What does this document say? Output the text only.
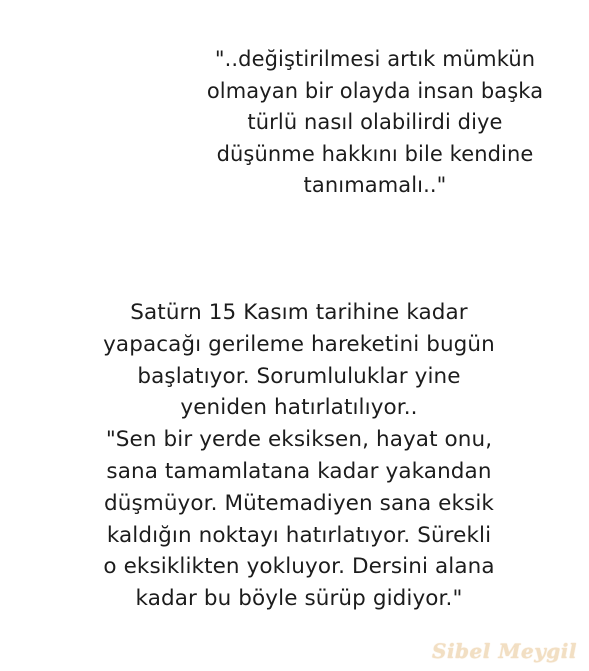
"..değiştirilmesi artık mümkün
olmayan bir olayda insan başka
türlü nasıl olabilirdi diye
düşünme hakkını bile kendine
tanımamalı.."
Satürn 15 Kasım tarihine kadar
yapacağı gerileme hareketini bugün
başlatıyor. Sorumluluklar yine
yeniden hatırlatılıyor..
"Sen bir yerde eksiksen, hayat onu,
sana tamamlatana kadar yakandan
düşmüyor. Mütemadiyen sana eksik
kaldığın noktayı hatırlatıyor. Sürekli
o eksiklikten yokluyor. Dersini alana
kadar bu böyle sürüp gidiyor."
Sibel Meygil
